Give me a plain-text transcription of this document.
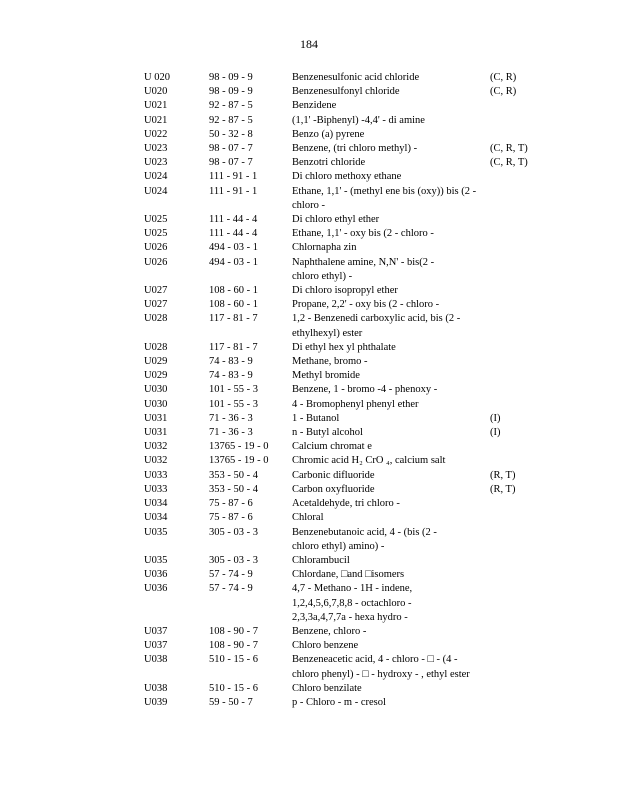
184
U 020	98 - 09 - 9	Benzenesulfonic acid chloride	(C, R)
U020	98 - 09 - 9	Benzenesulfonyl chloride	(C, R)
U021	92 - 87 - 5	Benzidene
U021	92 - 87 - 5	(1,1' -Biphenyl) -4,4' - di amine
U022	50 - 32 - 8	Benzo (a) pyrene
U023	98 - 07 - 7	Benzene, (tri chloro methyl) -	(C, R, T)
U023	98 - 07 - 7	Benzotri chloride	(C, R, T)
U024	111 - 91 - 1	Di chloro methoxy ethane
U024	111 - 91 - 1	Ethane, 1,1' - (methyl ene bis (oxy)) bis (2 -
chloro -
U025	111 - 44 - 4	Di chloro ethyl ether
U025	111 - 44 - 4	Ethane, 1,1' - oxy bis (2 - chloro -
U026	494 - 03 - 1	Chlornapha zin
U026	494 - 03 - 1	Naphthalene amine, N,N' - bis(2 -
chloro ethyl) -
U027	108 - 60 - 1	Di chloro isopropyl ether
U027	108 - 60 - 1	Propane, 2,2' - oxy bis (2 - chloro -
U028	117 - 81 - 7	1,2 - Benzenedi carboxylic acid, bis (2 -
ethylhexyl) ester
U028	117 - 81 - 7	Di ethyl hex yl phthalate
U029	74 - 83 - 9	Methane, bromo -
U029	74 - 83 - 9	Methyl bromide
U030	101 - 55 - 3	Benzene, 1 - bromo -4 - phenoxy -
U030	101 - 55 - 3	4 - Bromophenyl phenyl ether
U031	71 - 36 - 3	1 - Butanol	(I)
U031	71 - 36 - 3	n - Butyl alcohol	(I)
U032	13765 - 19 - 0 Calcium chromat e
U032	13765 - 19 - 0 Chromic acid H₂ CrO ₄, calcium salt
U033	353 - 50 - 4	Carbonic difluoride	(R, T)
U033	353 - 50 - 4	Carbon oxyfluoride	(R, T)
U034	75 - 87 - 6	Acetaldehyde, tri chloro -
U034	75 - 87 - 6	Chloral
U035	305 - 03 - 3	Benzenebutanoic acid, 4 - (bis (2 -
chloro ethyl) amino) -
U035	305 - 03 - 3	Chlorambucil
U036	57 - 74 - 9	Chlordane, □and □isomers
U036	57 - 74 - 9	4,7 - Methano - 1H - indene,
1,2,4,5,6,7,8,8 - octachloro -
2,3,3a,4,7,7a - hexa hydro -
U037	108 - 90 - 7	Benzene, chloro -
U037	108 - 90 - 7	Chloro benzene
U038	510 - 15 - 6	Benzeneacetic acid, 4 - chloro - □ - (4 -
chloro phenyl) - □ - hydroxy - , ethyl ester
U038	510 - 15 - 6	Chloro benzilate
U039	59 - 50 - 7	p - Chloro - m - cresol
